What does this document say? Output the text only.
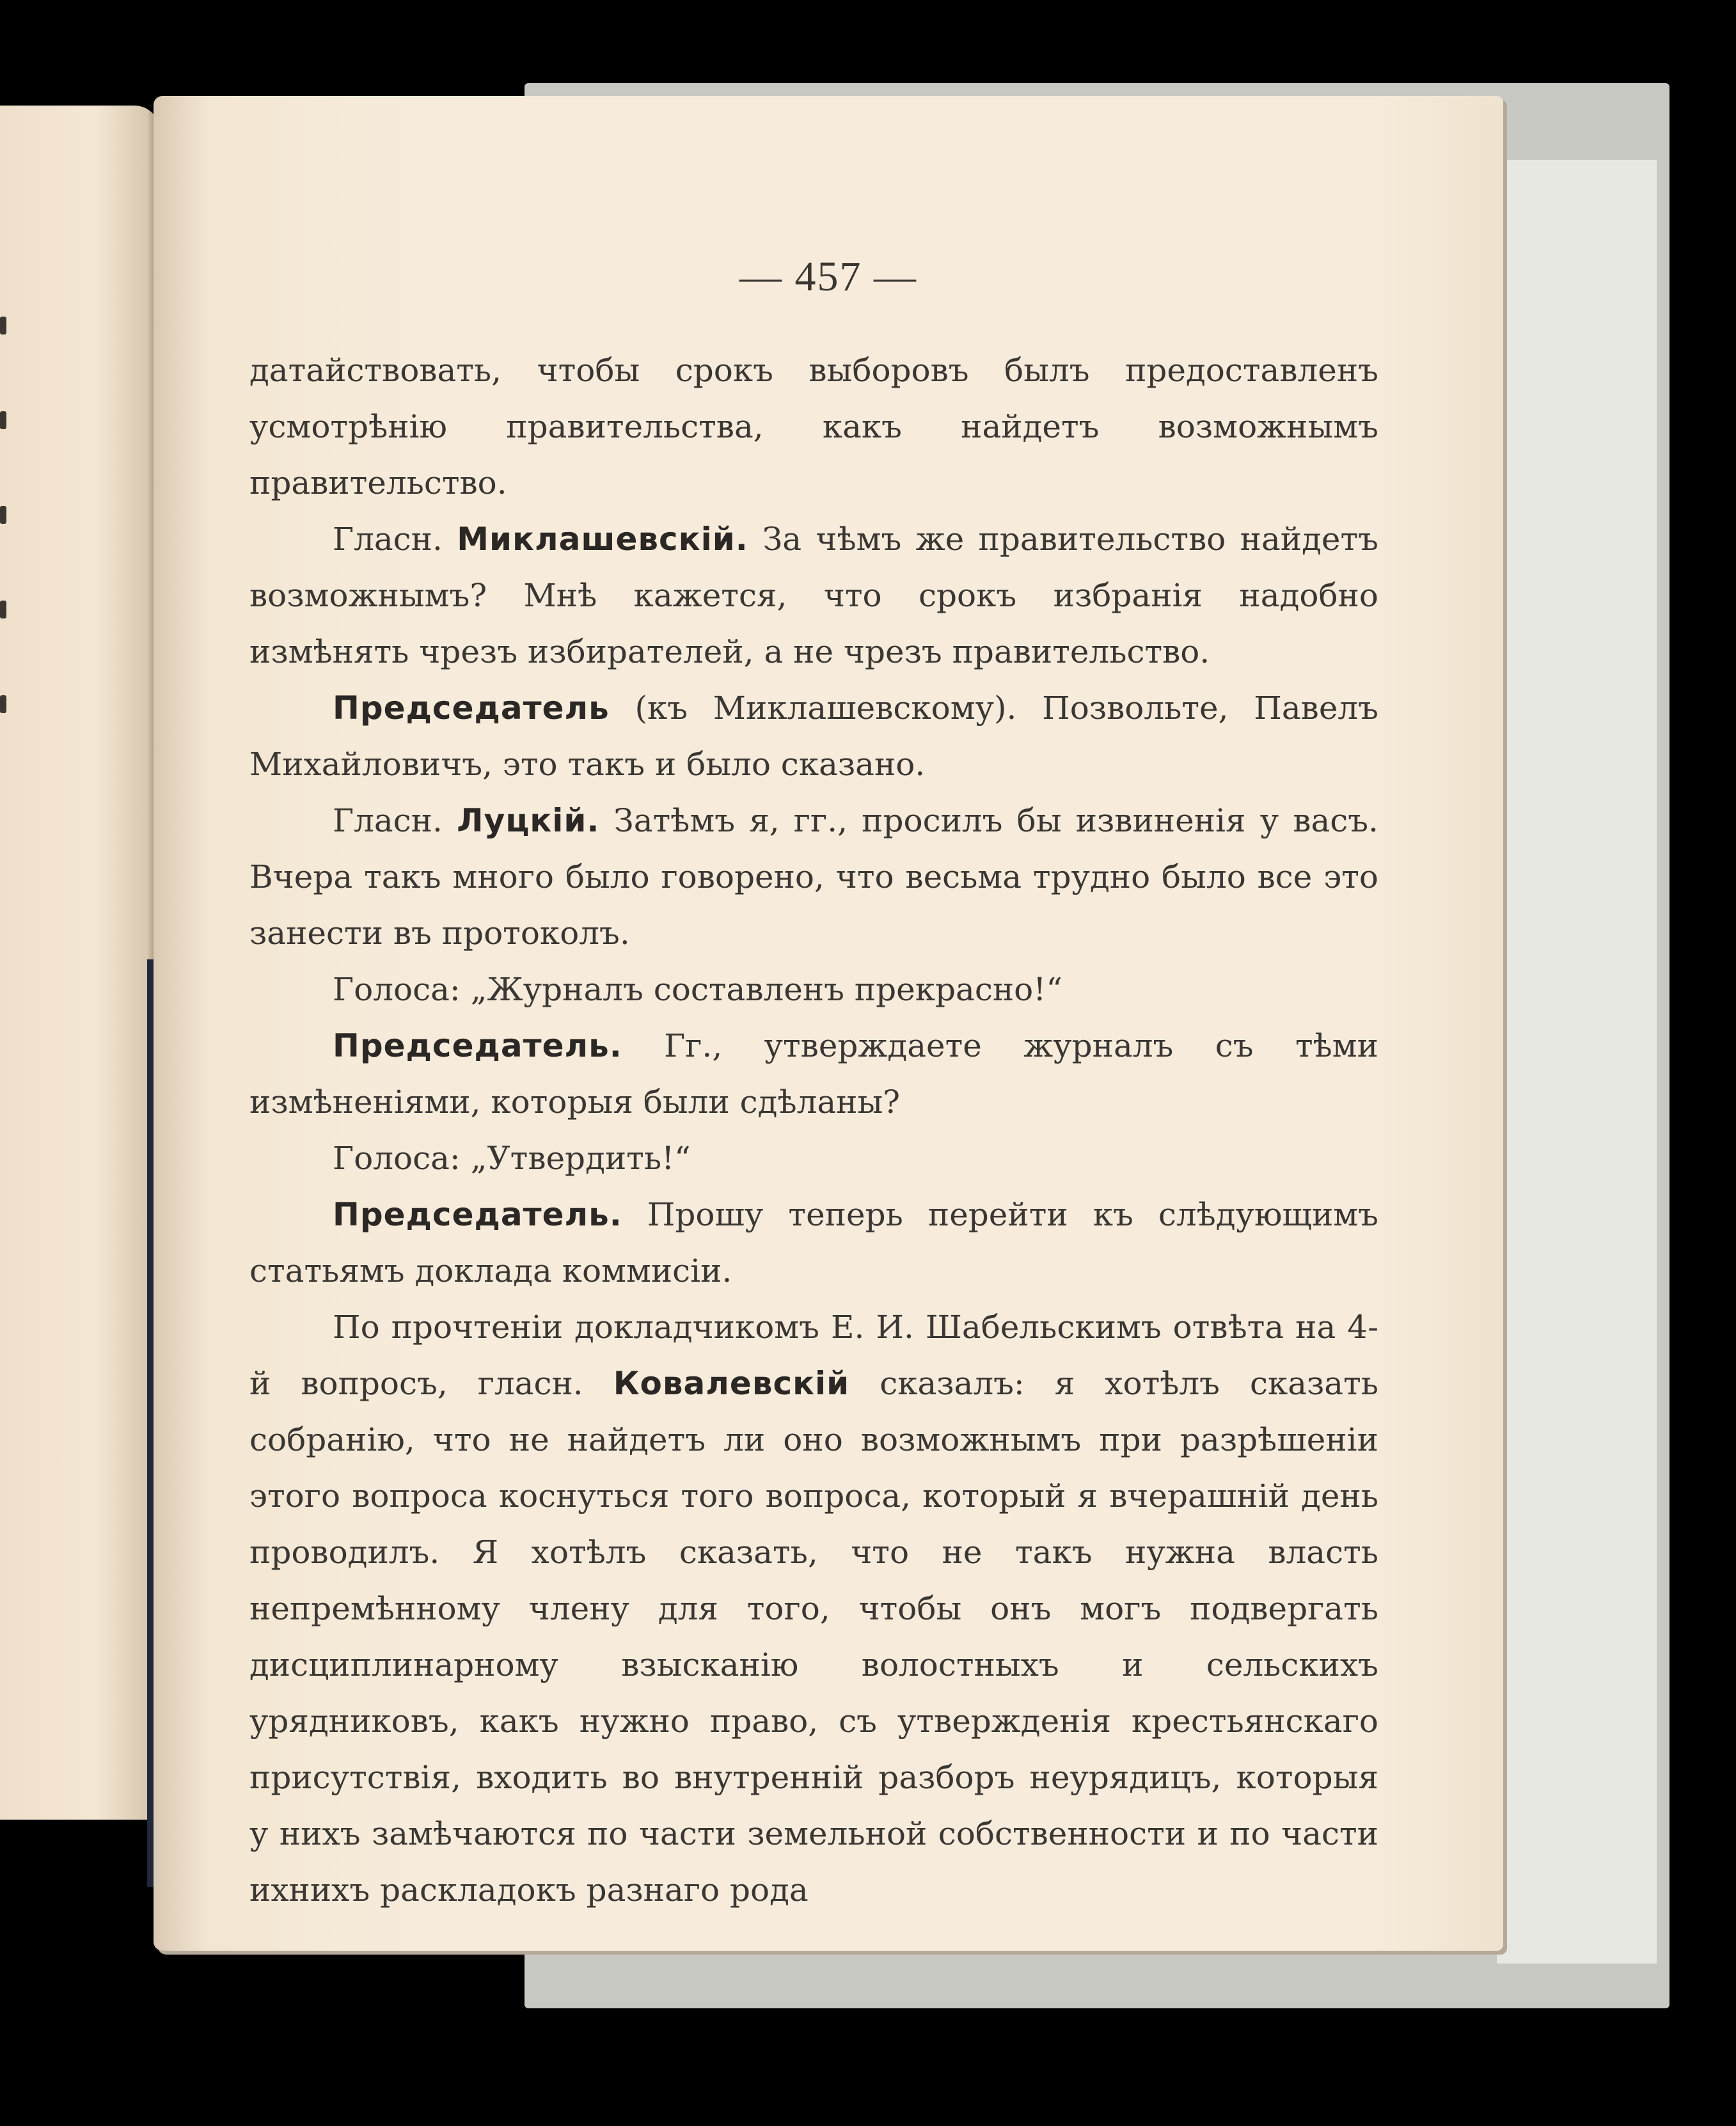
— 457 —

датайствовать, чтобы срокъ выборовъ былъ предоставленъ усмотрѣнію правительства, какъ найдетъ возможнымъ правительство.

Гласн. Миклашевскій. За чѣмъ же правительство найдетъ возможнымъ? Мнѣ кажется, что срокъ избранія надобно измѣнять чрезъ избирателей, а не чрезъ правительство.

Председатель (къ Миклашевскому). Позвольте, Павелъ Михайловичъ, это такъ и было сказано.

Гласн. Луцкій. Затѣмъ я, гг., просилъ бы извиненія у васъ. Вчера такъ много было говорено, что весьма трудно было все это занести въ протоколъ.

Голоса: „Журналъ составленъ прекрасно!“

Председатель. Гг., утверждаете журналъ съ тѣми измѣненіями, которыя были сдѣланы?

Голоса: „Утвердить!“

Председатель. Прошу теперь перейти къ слѣдующимъ статьямъ доклада коммисіи.

По прочтеніи докладчикомъ Е. И. Шабельскимъ отвѣта на 4-й вопросъ, гласн. Ковалевскій сказалъ: я хотѣлъ сказать собранію, что не найдетъ ли оно возможнымъ при разрѣшеніи этого вопроса коснуться того вопроса, который я вчерашній день проводилъ. Я хотѣлъ сказать, что не такъ нужна власть непремѣнному члену для того, чтобы онъ могъ подвергать дисциплинарному взысканію волостныхъ и сельскихъ урядниковъ, какъ нужно право, съ утвержденія крестьянскаго присутствія, входить во внутренній разборъ неурядицъ, которыя у нихъ замѣчаются по части земельной собственности и по части ихнихъ раскладокъ разнаго рода
